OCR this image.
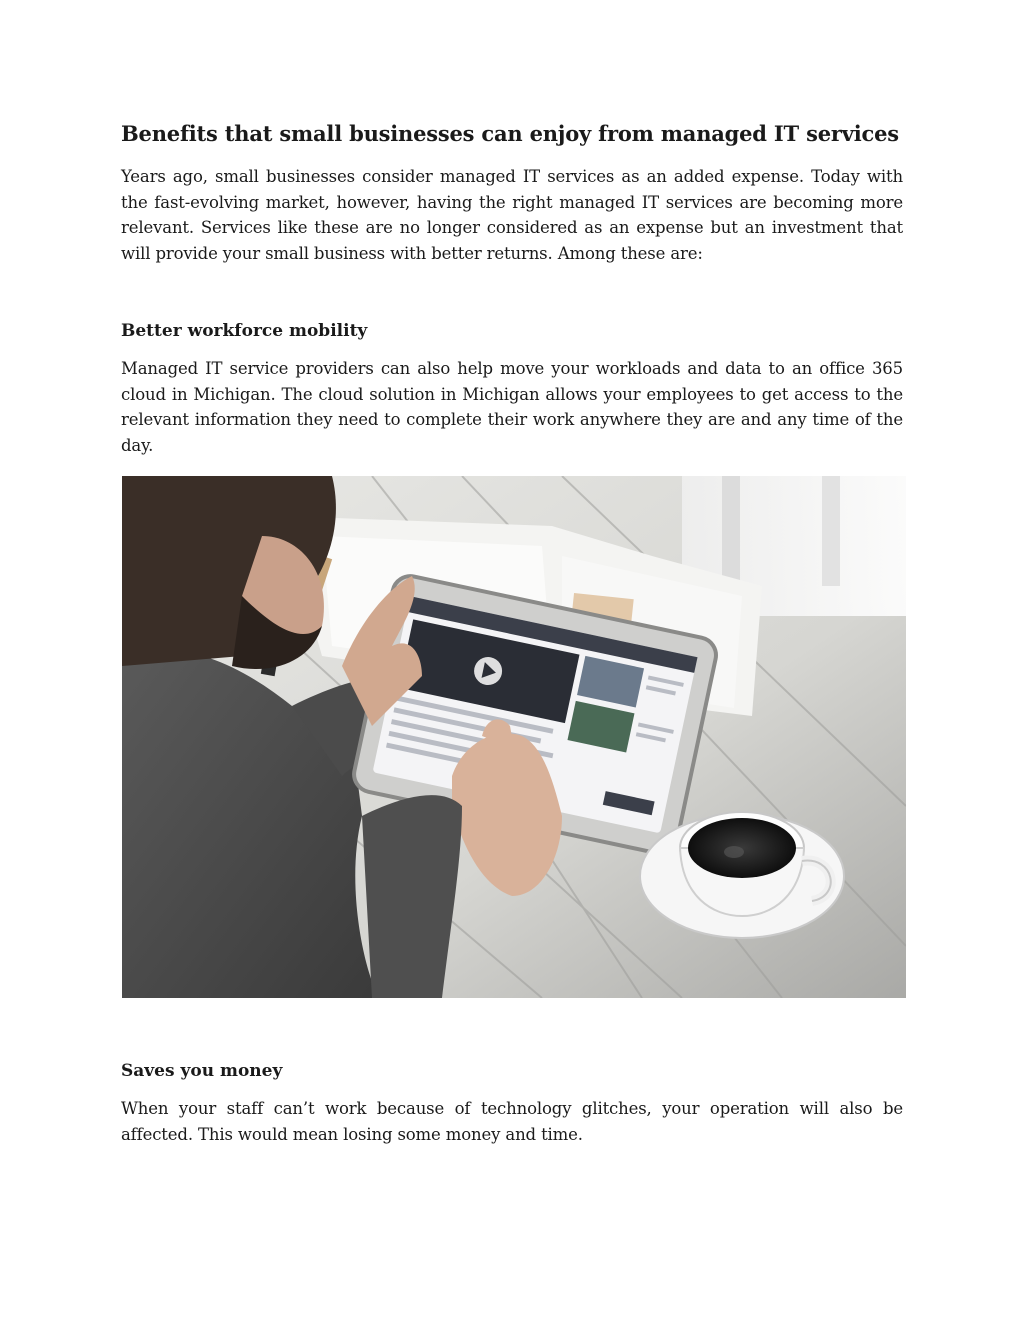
Benefits that small businesses can enjoy from managed IT services

Years ago, small businesses consider managed IT services as an added expense. Today with the fast-evolving market, however, having the right managed IT services are becoming more relevant. Services like these are no longer considered as an expense but an investment that will provide your small business with better returns. Among these are:

Better workforce mobility

Managed IT service providers can also help move your workloads and data to an office 365 cloud in Michigan. The cloud solution in Michigan allows your employees to get access to the relevant information they need to complete their work anywhere they are and any time of the day.

Saves you money

When your staff can’t work because of technology glitches, your operation will also be affected. This would mean losing some money and time.
